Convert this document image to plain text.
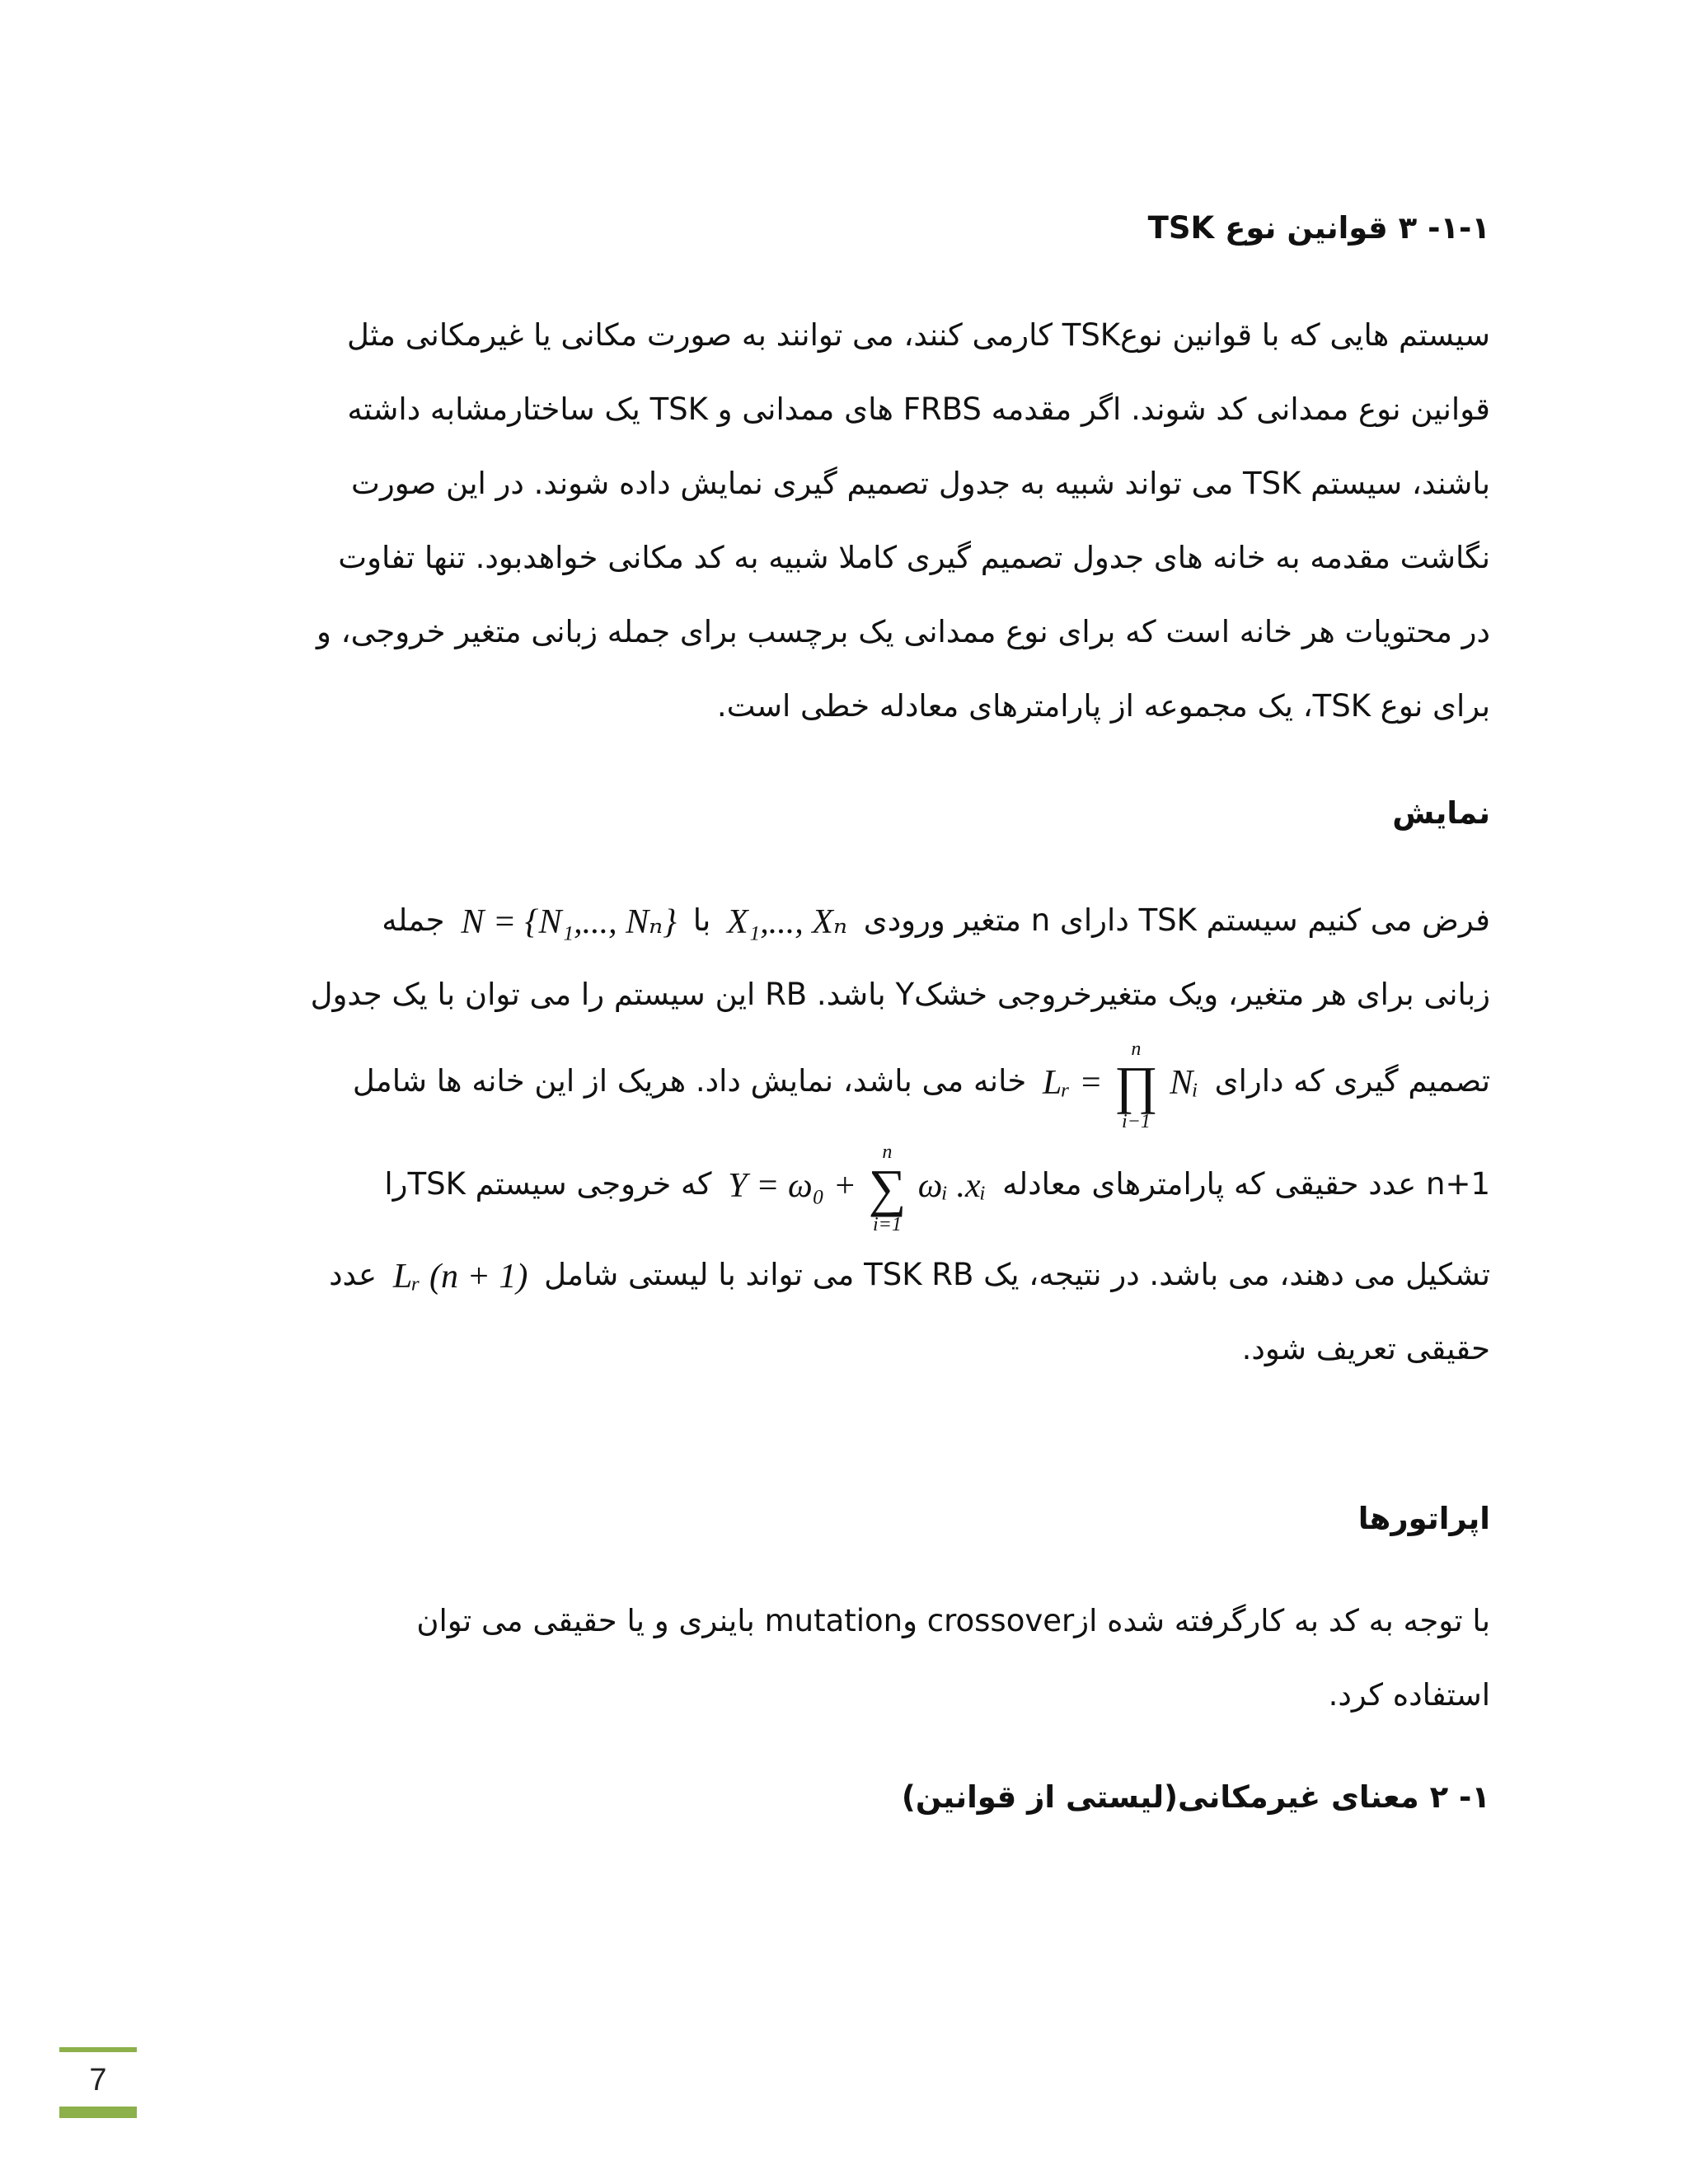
۱-۱- ۳ قوانین نوع TSK
سیستم هایی که با قوانین نوعTSK کارمی کنند، می توانند به صورت مکانی یا غیرمکانی مثل
قوانین نوع ممدانی کد شوند. اگر مقدمه FRBS های ممدانی و TSK یک ساختارمشابه داشته
باشند، سیستم TSK می تواند شبیه به جدول تصمیم گیری نمایش داده شوند. در این صورت
نگاشت مقدمه به خانه های جدول تصمیم گیری کاملا شبیه به کد مکانی خواهدبود. تنها تفاوت
در محتویات هر خانه است که برای نوع ممدانی یک برچسب برای جمله زبانی متغیر خروجی، و
برای نوع TSK، یک مجموعه از پارامترهای معادله خطی است.
نمایش
فرض می کنیم سیستم TSK دارای n متغیر ورودی X₁,..., Xₙ با N = {N₁,..., Nₙ} جمله
زبانی برای هر متغیر، ویک متغیرخروجی خشکY باشد. RB این سیستم را می توان با یک جدول
تصمیم گیری که دارای Lᵣ =
n
∏
i−1
Nᵢ خانه می باشد، نمایش داد. هریک از این خانه ها شامل
n+1 عدد حقیقی که پارامترهای معادله Y = ω₀ +
n
∑
i=1
ωᵢ .xᵢ که خروجی سیستم TSKرا
تشکیل می دهند، می باشد. در نتیجه، یک TSK RB می تواند با لیستی شامل Lᵣ (n + 1) عدد
حقیقی تعریف شود.
اپراتورها
با توجه به کد به کارگرفته شده ازcrossover وmutation باینری و یا حقیقی می توان
استفاده کرد.
۱- ۲ معنای غیرمکانی(لیستی از قوانین)
7
